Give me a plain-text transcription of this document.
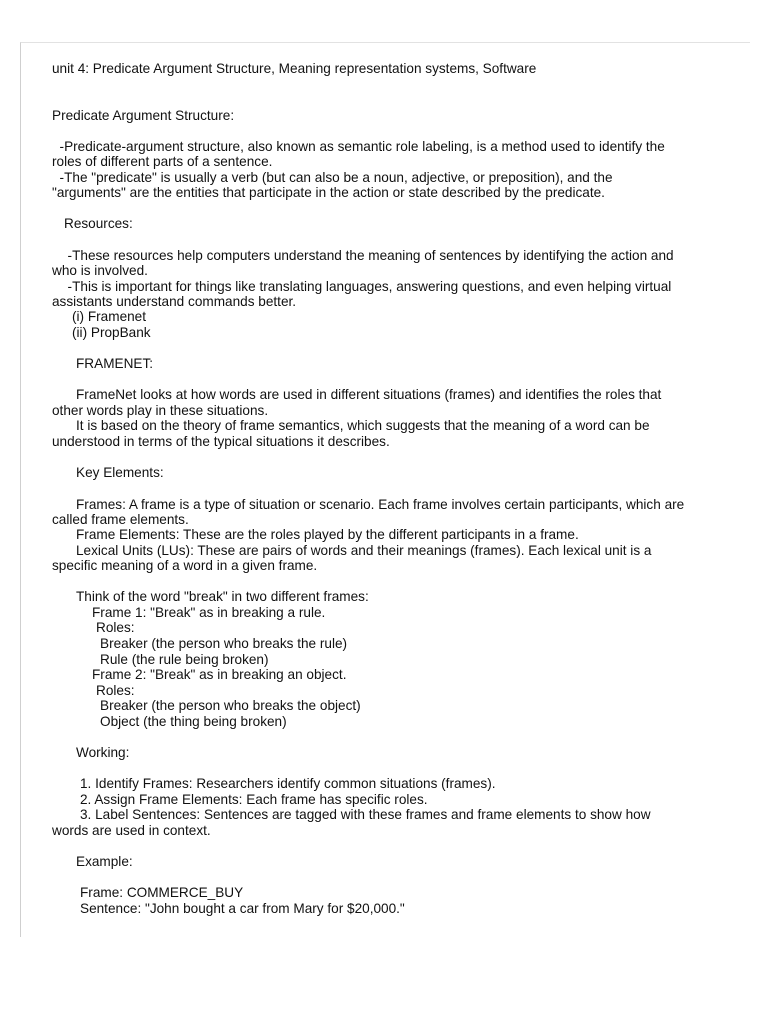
unit 4: Predicate Argument Structure, Meaning representation systems, Software

Predicate Argument Structure:

-Predicate-argument structure, also known as semantic role labeling, is a method used to identify the

roles of different parts of a sentence.

-The "predicate" is usually a verb (but can also be a noun, adjective, or preposition), and the

"arguments" are the entities that participate in the action or state described by the predicate.

Resources:

-These resources help computers understand the meaning of sentences by identifying the action and

who is involved.

-This is important for things like translating languages, answering questions, and even helping virtual

assistants understand commands better.

(i) Framenet

(ii) PropBank

FRAMENET:

FrameNet looks at how words are used in different situations (frames) and identifies the roles that

other words play in these situations.

It is based on the theory of frame semantics, which suggests that the meaning of a word can be

understood in terms of the typical situations it describes.

Key Elements:

Frames: A frame is a type of situation or scenario. Each frame involves certain participants, which are

called frame elements.

Frame Elements: These are the roles played by the different participants in a frame.

Lexical Units (LUs): These are pairs of words and their meanings (frames). Each lexical unit is a

specific meaning of a word in a given frame.

Think of the word "break" in two different frames:

Frame 1: "Break" as in breaking a rule.

Roles:

Breaker (the person who breaks the rule)

Rule (the rule being broken)

Frame 2: "Break" as in breaking an object.

Roles:

Breaker (the person who breaks the object)

Object (the thing being broken)

Working:

1. Identify Frames: Researchers identify common situations (frames).

2. Assign Frame Elements: Each frame has specific roles.

3. Label Sentences: Sentences are tagged with these frames and frame elements to show how

words are used in context.

Example:

Frame: COMMERCE_BUY

Sentence: "John bought a car from Mary for $20,000."
